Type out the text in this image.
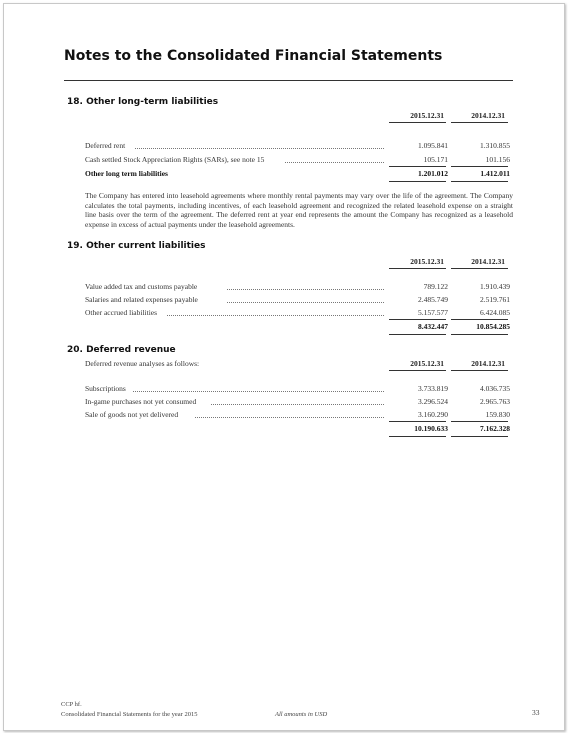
Notes to the Consolidated Financial Statements
18. Other long-term liabilities
2015.12.31	2014.12.31
Deferred rent	1.095.841	1.310.855
Cash settled Stock Appreciation Rights (SARs), see note 15	105.171	101.156
Other long term liabilities	1.201.012	1.412.011
The Company has entered into leasehold agreements where monthly rental payments may vary over the life of the agreement. The Company calculates the total payments, including incentives, of each leasehold agreement and recognized the related leasehold expense on a straight line basis over the term of the agreement. The deferred rent at year end represents the amount the Company has recognized as a leasehold expense in excess of actual payments under the leasehold agreements.
19. Other current liabilities
2015.12.31	2014.12.31
Value added tax and customs payable	789.122	1.910.439
Salaries and related expenses payable	2.485.749	2.519.761
Other accrued liabilities	5.157.577	6.424.085
8.432.447	10.854.285
20. Deferred revenue
Deferred revenue analyses as follows:	2015.12.31	2014.12.31
Subscriptions	3.733.819	4.036.735
In-game purchases not yet consumed	3.296.524	2.965.763
Sale of goods not yet delivered	3.160.290	159.830
10.190.633	7.162.328
CCP hf.
Consolidated Financial Statements for the year 2015	All amounts in USD	33
